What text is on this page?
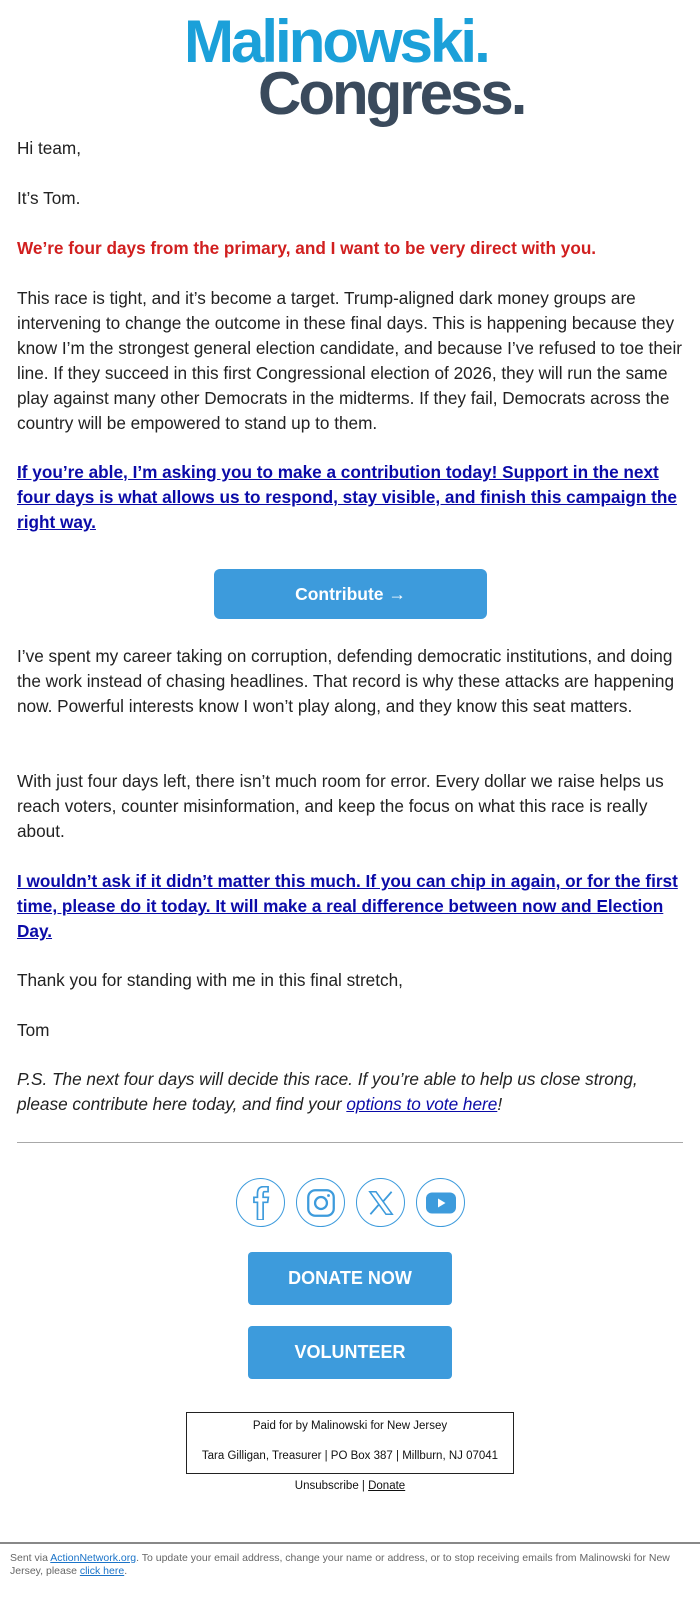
Malinowski.
Congress.
Hi team,
It’s Tom.
We’re four days from the primary, and I want to be very direct with you.
This race is tight, and it’s become a target. Trump-aligned dark money groups are intervening to change the outcome in these final days. This is happening because they know I’m the strongest general election candidate, and because I’ve refused to toe their line. If they succeed in this first Congressional election of 2026, they will run the same play against many other Democrats in the midterms. If they fail, Democrats across the country will be empowered to stand up to them.
If you’re able, I’m asking you to make a contribution today! Support in the next four days is what allows us to respond, stay visible, and finish this campaign the right way.
Contribute →
I’ve spent my career taking on corruption, defending democratic institutions, and doing the work instead of chasing headlines. That record is why these attacks are happening now. Powerful interests know I won’t play along, and they know this seat matters.
With just four days left, there isn’t much room for error. Every dollar we raise helps us reach voters, counter misinformation, and keep the focus on what this race is really about.
I wouldn’t ask if it didn’t matter this much. If you can chip in again, or for the first time, please do it today. It will make a real difference between now and Election Day.
Thank you for standing with me in this final stretch,
Tom
P.S. The next four days will decide this race. If you’re able to help us close strong, please contribute here today, and find your options to vote here!
DONATE NOW
VOLUNTEER
Paid for by Malinowski for New Jersey
Tara Gilligan, Treasurer | PO Box 387 | Millburn, NJ 07041
Unsubscribe | Donate
Sent via ActionNetwork.org. To update your email address, change your name or address, or to stop receiving emails from Malinowski for New Jersey, please click here.
